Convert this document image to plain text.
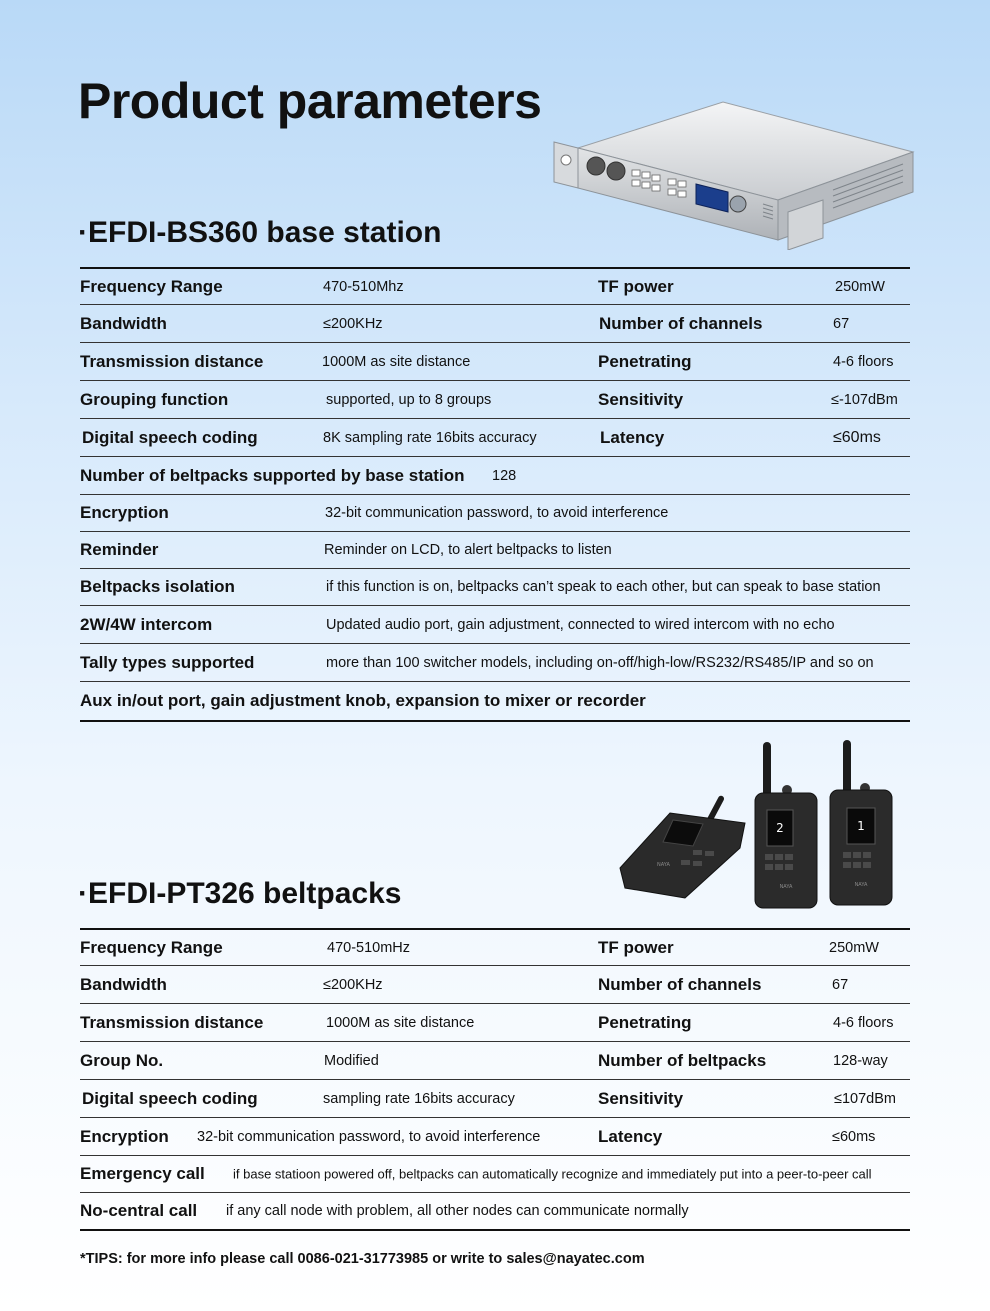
Product parameters
·EFDI-BS360 base station
Frequency Range	470-510Mhz	TF power	250mW
Bandwidth	≤200KHz	Number of channels	67
Transmission distance	1000M as site distance	Penetrating	4-6 floors
Grouping function	supported, up to 8 groups	Sensitivity	≤-107dBm
Digital speech coding	8K sampling rate 16bits accuracy	Latency	≤60ms
Number of beltpacks supported by base station 128
Encryption	32-bit communication password, to avoid interference
Reminder	Reminder on LCD, to alert beltpacks to listen
Beltpacks isolation	if this function is on, beltpacks can’t speak to each other, but can speak to base station
2W/4W intercom	Updated audio port, gain adjustment, connected to wired intercom with no echo
Tally types supported	more than 100 switcher models, including on-off/high-low/RS232/RS485/IP and so on
Aux in/out port, gain adjustment knob, expansion to mixer or recorder
NAYA
2
NAYA
1
NAYA
·EFDI-PT326 beltpacks
Frequency Range	470-510mHz	TF power	250mW
Bandwidth	≤200KHz	Number of channels	67
Transmission distance	1000M as site distance	Penetrating	4-6 floors
Group No.	Modified	Number of beltpacks	128-way
Digital speech coding	sampling rate 16bits accuracy	Sensitivity	≤107dBm
Encryption 32-bit communication password, to avoid interference	Latency	≤60ms
Emergency call if base statioon powered off, beltpacks can automatically recognize and immediately put into a peer-to-peer call
No-central call if any call node with problem, all other nodes can communicate normally
*TIPS: for more info please call 0086-021-31773985 or write to sales@nayatec.com
